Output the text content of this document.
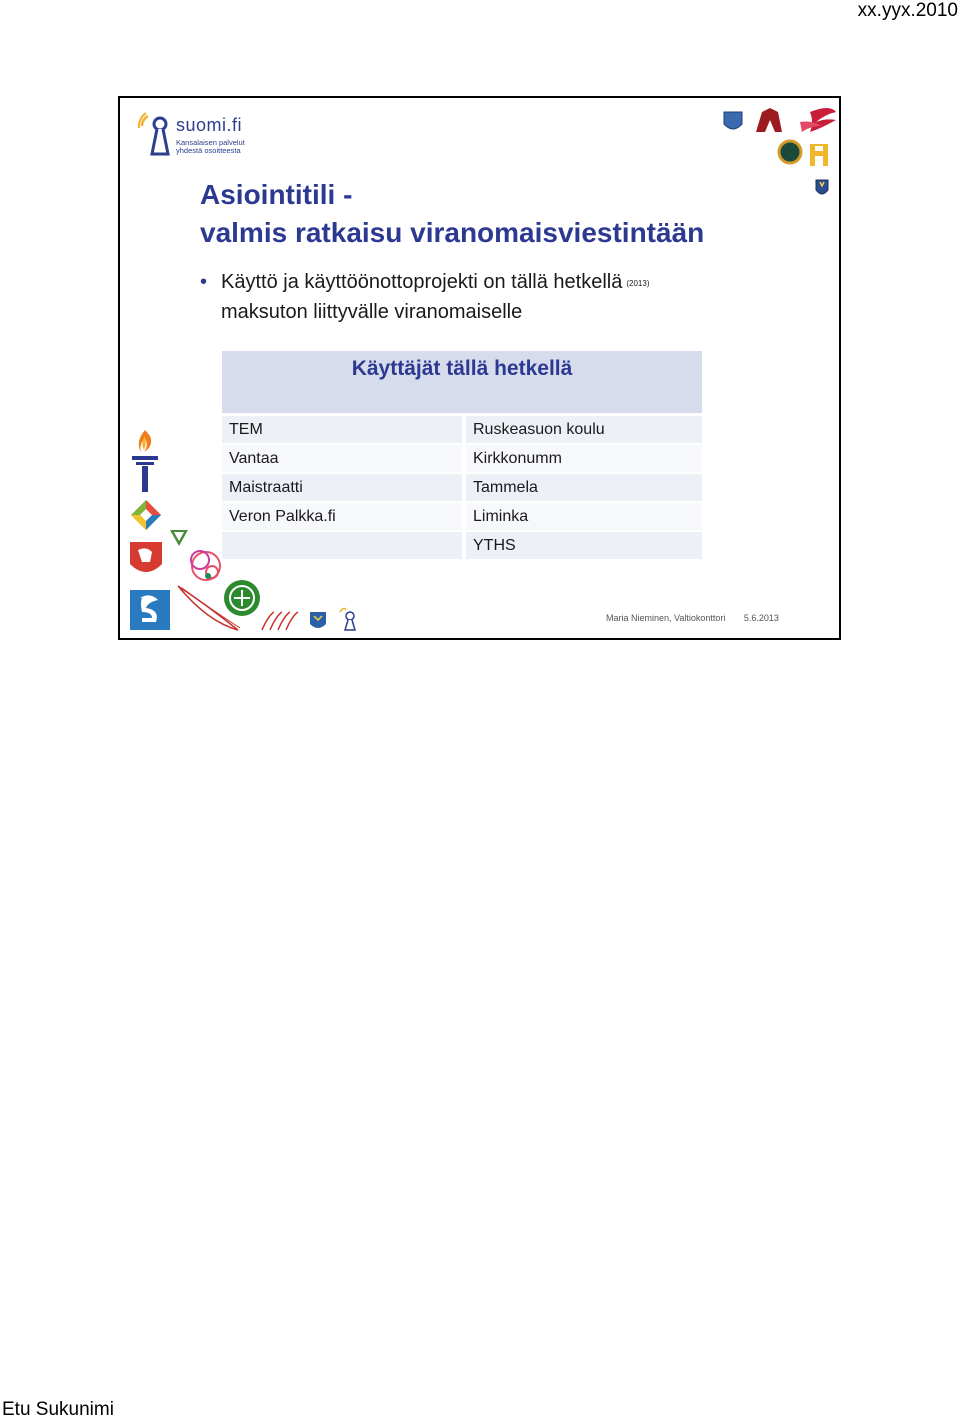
xx.yyx.2010
suomi.fi
Kansalaisen palvelut
yhdestä osoitteesta
Asiointitili -
valmis ratkaisu viranomaisviestintään
• Käyttö ja käyttöönottoprojekti on tällä hetkellä (2013)
maksuton liittyvälle viranomaiselle
Käyttäjät tällä hetkellä	
TEM	Ruskeasuon koulu
Vantaa	Kirkkonumm
Maistraatti	Tammela
Veron Palkka.fi	Liminka
	YTHS
Maria Nieminen, Valtiokonttori 5.6.2013
Etu Sukunimi
